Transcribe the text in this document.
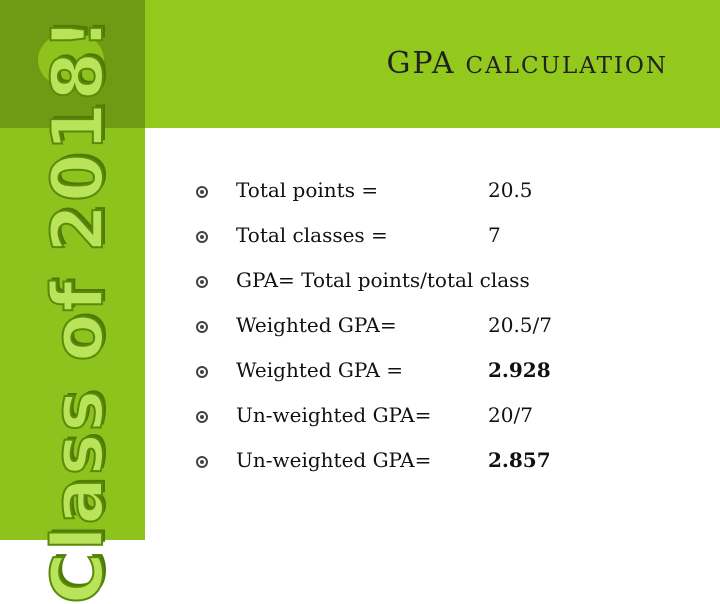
GPA CALCULATION
Class of 2018!	Total points =	20.5
Total classes =	7
GPA= Total points/total class
Weighted GPA=	20.5/7
Weighted GPA =	2.928
Un-weighted GPA=	20/7
Un-weighted GPA=	2.857
